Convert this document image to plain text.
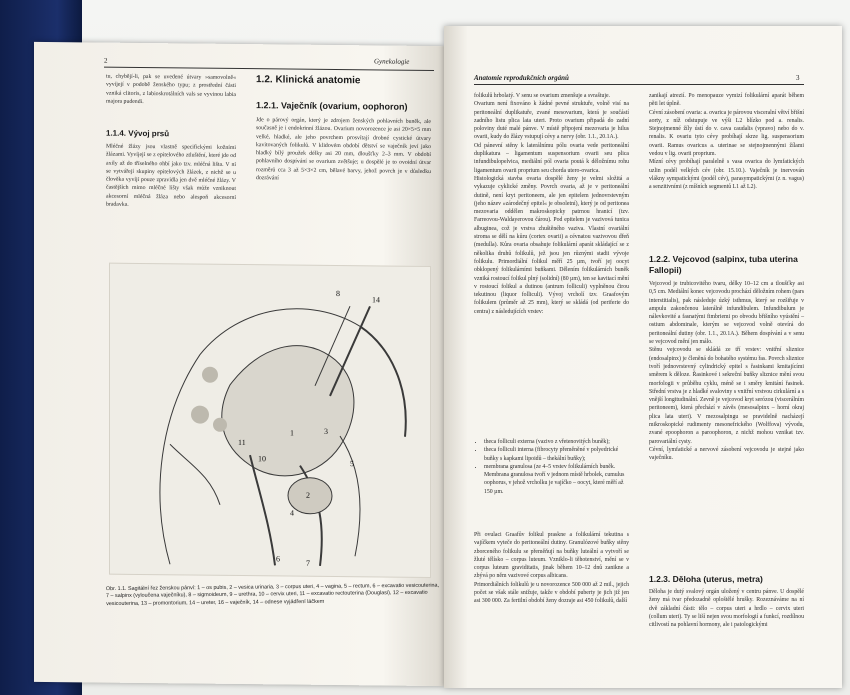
2	Gynekologie
tu, chybějí-li, pak se uvedené útvary »samovolně« vyvíjejí v podobě ženského typu; z prostřední části vzniká clitoris, z labioskrotálních vals se vyvinou labia majora pudendi.
1.1.4. Vývoj prsů
Mléčné žlázy jsou vlastně specifickými kožními žlázami. Vyvíjejí se z epitelového ztluštění, které jde od axily až do tříselného ohbí jako tzv. mléčná lišta. V ní se vytvářejí skupiny epitelových žlázek, z nichž se u člověka vyvíjí pouze zpravidla jen dvě mléčné žlázy. V častějších mimo mléčné lišty však může vzniknout akcesorní mléčná žláza nebo alespoň akcesorní bradavka.
1.2. Klinická anatomie
1.2.1. Vaječník (ovarium, oophoron)
Jde o párový orgán, který je zdrojem ženských pohlavních buněk, ale současně je i endokrinní žlázou. Ovarium novorozence je asi 20×5×5 mm velké, hladké, ale jeho povrchem prosvítají drobné cystické útvary kavitovaných folikulů. V klidovém období dětství se vaječník jeví jako hladký bílý proužek délky asi 20 mm, dloušťky 2–3 mm. V období pohlavního dospívání se ovarium zvětšuje; u dospělé je to ovoidní útvar rozměrů cca 3 až 5×3×2 cm, bělavé barvy, jehož povrch je v důsledku dozrávání
8
14
11
10
1
2
3
4
5
7
6
Obr. 1.1. Sagitální řez ženskou pánví: 1 – os pubis, 2 – vesica urinaria, 3 – corpus uteri, 4 – vagina, 5 – rectum, 6 – excavatio vesicouterina, 7 – salpinx (vyloučena vaječníku), 8 – sigmoideum, 9 – urethra, 10 – cervix uteri, 11 – excavatio rectouterina (Douglasi), 12 – excavatio vesicouterina, 13 – promontorium, 14 – ureter, 16 – vaječník, 14 – odnese vyjádření láčkem
Anatomie reprodukčních orgánů	3
folikulů hrbolatý. V senu se ovarium zmenšuje a svraštuje.
Ovarium není fixováno k žádné pevné struktuře, volně visí na peritoneální duplikatuře, zvané mesovarium, která je součástí zadního listu plica lata uteri. Proto ovarium připadá do zadní poloviny duté malé pánve. V místě připojení mezovaria je hilus ovarii, kudy do žlázy vstupují cévy a nervy (obr. 1.1., 20.1A.).
Od pánevní stěny k laterálnímu pólu ovaria vede peritoneální duplikatura – ligamentum suspensorium ovarii seu plica infundibulopelvica, mediální pól ovaria poutá k děložnímu rohu ligamentum ovarii proprium seu chorda utero-ovarica.
Histologická stavba ovaria dospělé ženy je velmi složitá a vykazuje cyklické změny. Povrch ovaria, až je v peritoneální dutině, není kryt peritoneem, ale jen epitelem jednovrstevným (jeho název »zárodečný epitel« je obsoletní), který je od peritonea mezovaria oddělen makroskopicky patrnou hranicí (tzv. Farreovou-Waldayerovou čárou). Pod epitelem je vazivová tunica albuginea, což je vrstva zhuštěného vaziva. Vlastní ovariální stroma se dělí na kůru (cortex ovarii) a cévnatou vazivovou dřeň (medulla). Kůra ovaria obsahuje folikulární aparát skládající se z několika druhů folikulů, jež jsou jen různými stadii vývoje folikulu. Primordiální folikul měří 25 µm, tvoří jej oocyt obklopený folikulárními buňkami. Dělením folikulárních buněk vzniká rostoucí folikul plný (solidní) (80 µm), ten se kavitací mění v rostoucí folikul a dutinou (antrum folliculi) vyplněnou čirou tekutinou (liquor folliculi). Vývoj vrcholí tzv. Graafovým folikulem (průměr až 25 mm), který se skládá (od periferie do centra) z následujících vrstev:
• theca folliculi externa (vazivo z vřetenovitých buněk);
• theca folliculi interna (fibrocyty přeměněné v polyedrické buňky s kapkami lipoidů – thekální buňky);
• membrana granulosa (ze 4–5 vrstev folikulárních buněk. Membrana granulosa tvoří v jednom místě hrbolek, cumulus oophorus, v jehož vrcholku je vajíčko – oocyt, které měří až 150 µm.
Při ovulaci Graafův folikul praskne a folikulární tekutina s vajíčkem vyteče do peritoneální dutiny. Granulózové buňky stěny zborceného folikulu se přeměňují na buňky luteální a vytvoří se žluté tělísko – corpus luteum. Vzniklo-li těhotenství, mění se v corpus luteum graviditatis, jinak během 10–12 dnů zanikne a zbývá po něm vazivové corpus albicans.
Primordiálních folikulů je u novorozence 500 000 až 2 mil., jejich počet se však stále snižuje, takže v období puberty je jich již jen asi 300 000. Za fertilní období ženy dozraje asi 450 folikulů, další
zanikají atrezií. Po menopauze vymizí folikulární aparát během pěti let úplně.
Cévní zásobení ovaria: a. ovarica je párovou visceralní větví břišní aorty, z níž odstupuje ve výši L2 blízko pod a. renalis. Stejnojmenné žíly ústí do v. cava caudalis (vpravo) nebo do v. renalis. K ovariu tyto cévy probíhají skrze lig. suspensorium ovarii. Ramus ovaricus a. uterinae se stejnojmennými žílami vedou v lig. ovarii proprium.
Mízní cévy probíhají paralelně s vasa ovarica do lymfatických uzlin podél velkých cév (obr. 15.10.). Vaječník je inervován vlákny sympatickými (podél cév), parasympatickými (z n. vagus) a senzitivními (z míšních segmentů L1 až L2).
1.2.2. Vejcovod (salpinx, tuba uterina Fallopii)
Vejcovod je trubicovitého tvaru, délky 10–12 cm a tloušťky asi 0,5 cm. Mediální konec vejcovodu prochází děložním rohem (pars interstitialis), pak následuje úzký isthmus, který se rozšiřuje v ampulu zakončenou laterálně infundibulem. Infundibulum je nálevkovité a fasnatými fimbriemi po obvodu břišního vyústění – ostium abdominale, kterým se vejcovod volně otevírá do peritoneální dutiny (obr. 1.1., 20.1A.). Během dospívání a v senu se vejcovod mění jen málo.
Stěnu vejcovodu se skládá ze tří vrstev: vnitřní sliznice (endosalpinx) je členěná do bohatého systému řas. Povrch sliznice tvoří jednovrstevný cylindrický epitel s řasinkami kmitajícími směrem k děloze. Řasinkové i sekreční buňky sliznice mění svou morfologii v průběhu cyklu, méně se i směry kmitání řasinek. Střední vrstva je z hladké svaloviny s vnitřní vrstvou cirkulární a s vnější longitudinální. Zevně je vejcovod kryt serózou (viscerálním peritoneem), která přechází v závěs (mesosalpinx – horní okraj plica lata uteri). V mezosalpingu se pravidelně nacházejí mikroskopické rudimenty mesonefrického (Wolffova) vývodu, zvané epoophoron a paroophoron, z nichž mohou vznikat tzv. parovariální cysty.
Cévní, lymfatické a nervové zásobení vejcovodu je stejné jako vaječníku.
1.2.3. Děloha (uterus, metra)
Děloha je dutý svalový orgán uložený v centru pánve. U dospělé ženy má tvar předozadně oploštělé hrušky. Rozeznáváme na ní dvě základní části: tělo – corpus uteri a hrdlo – cervix uteri (collum uteri). Ty se liší nejen svou morfologií a funkcí, rozdílnou citlivostí na pohlavní hormony, ale i patologickými
